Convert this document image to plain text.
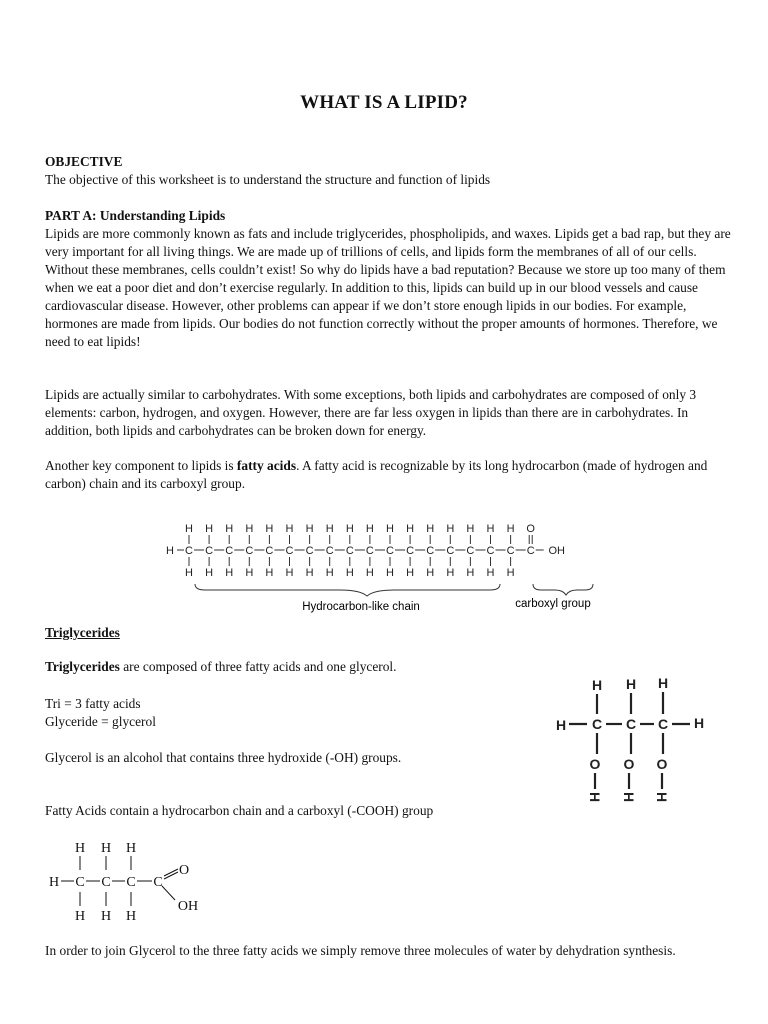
WHAT IS A LIPID?

OBJECTIVE

The objective of this worksheet is to understand the structure and function of lipids

PART A: Understanding Lipids

Lipids are more commonly known as fats and include triglycerides, phospholipids, and waxes. Lipids get a bad rap, but they are very important for all living things. We are made up of trillions of cells, and lipids form the membranes of all of our cells. Without these membranes, cells couldn’t exist! So why do lipids have a bad reputation? Because we store up too many of them when we eat a poor diet and don’t exercise regularly. In addition to this, lipids can build up in our blood vessels and cause cardiovascular disease. However, other problems can appear if we don’t store enough lipids in our bodies. For example, hormones are made from lipids. Our bodies do not function correctly without the proper amounts of hormones. Therefore, we need to eat lipids!

Lipids are actually similar to carbohydrates. With some exceptions, both lipids and carbohydrates are composed of only 3 elements: carbon, hydrogen, and oxygen. However, there are far less oxygen in lipids than there are in carbohydrates. In addition, both lipids and carbohydrates can be broken down for energy.

Another key component to lipids is fatty acids. A fatty acid is recognizable by its long hydrocarbon (made of hydrogen and carbon) chain and its carboxyl group.

H
H
C
H
H
C
H
H
C
H
H
C
H
H
C
H
H
C
H
H
C
H
H
C
H
H
C
H
H
C
H
H
C
H
H
C
H
H
C
H
H
C
H
H
C
H
H
C
H
H
C
H
C
O
OH
Hydrocarbon-like chain	carboxyl group

Triglycerides

Triglycerides are composed of three fatty acids and one glycerol.

Tri = 3 fatty acids

Glyceride = glycerol

Glycerol is an alcohol that contains three hydroxide (-OH) groups.

Fatty Acids contain a hydrocarbon chain and a carboxyl (-COOH) group

H H H
H C C C H
O O O
H H H
H H H
H C C C C
O
OH
H H H

In order to join Glycerol to the three fatty acids we simply remove three molecules of water by dehydration synthesis.
